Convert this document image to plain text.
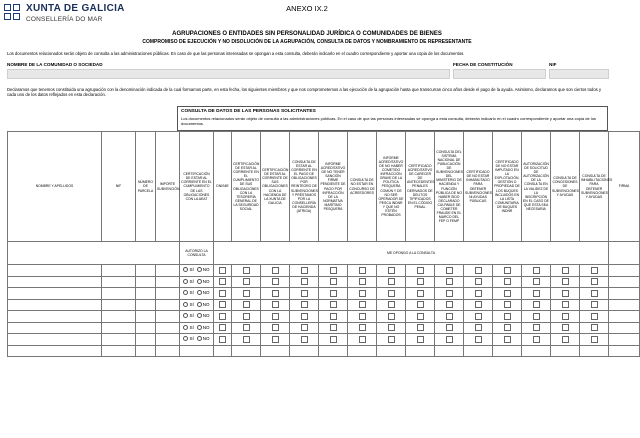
XUNTA DE GALICIA
CONSELLERÍA DO MAR
ANEXO IX.2
AGRUPACIONES O ENTIDADES SIN PERSONALIDAD JURÍDICA O COMUNIDADES DE BIENES
COMPROMISO DE EJECUCIÓN Y NO DISOLUCIÓN DE LA AGRUPACIÓN, CONSULTA DE DATOS Y NOMBRAMIENTO DE REPRESENTANTE
Los documentos relacionados serán objeto de consulta a las administraciones públicas. En caso de que las personas interesadas se opongan a esta consulta, deberán indicarlo en el cuadro correspondiente y aportar una copia de los documentos.
NOMBRE DE LA COMUNIDAD O SOCIEDAD	FECHA DE CONSTITUCIÓN	NIF
Declaramos que tenemos constituida una agrupación con la denominación indicada de la cual formamos parte, en esta fecha, los siguientes miembros y que nos comprometemos a las ejecución de la agrupación hasta que transcurran cinco años desde el pago de la ayuda. Asimismo, declaramos que son ciertos todos y cada uno de los datos reflejados en esta declaración.
CONSULTA DE DATOS DE LAS PERSONAS SOLICITANTES
Los documentos relacionados serán objeto de consulta a las administraciones públicas. En el caso de que las personas interesadas se oponga a esta consulta, deberán indicarlo en el cuadro correspondiente y aportar una copia de los documentos.
NOMBRE Y APELLIDOS	NIF	NÚMERO DE PARCELA	IMPORTE SUBVENCIÓN	CERTIFICACIÓN DE ESTAR AL CORRIENTE EN EL CUMPLIMIENTO DE LAS OBLIGACIONES CON LA AEAT	DNI/NIE	CERTIFICACIÓN DE ESTAR AL CORRIENTE EN EL CUMPLIMIENTO DE SUS OBLIGACIONES CON LA TESORERÍA GENERAL DE LA SEGURIDAD SOCIAL	CERTIFICACIÓN DE ESTAR AL CORRIENTE DE SUS OBLIGACIONES CON LA HACIENDA DE LA XUNTA DE GALICIA	CONSULTA DE ESTAR AL CORRIENTE EN EL PAGO DE OBLIGACIONES POR REINTEGRO DE SUBVENCIONES Y PRÉSTAMOS POR LA CONSELLERÍA DE HACIENDA (ATRIGA)	INFORME ACREDITATIVO DE NO TENER SANCIÓN FIRME PENDIENTE DE PAGO POR INFRACCIÓN DE LA NORMATIVA MARÍTIMO PESQUERA	CONSULTA DE NO ESTAR EN CONCURSO DE ACREEDORES	INFORME ACREDITATIVO DE NO HABER COMETIDO INFRACCIÓN GRAVE DE LA POLÍTICA PESQUERA COMÚN Y DE NO SER OPERADOR DE PESCA INDNR Y QUE NO ESTÉN PROBADOS	CERTIFICADO ACREDITATIVO DE CARECER DE ANTECEDENTES PENALES DERIVADOS DE DELITOS TIPIFICADOS EN EL CÓDIGO PENAL	CONSULTA DEL SISTEMA NACIONAL DE PUBLICACIÓN DE SUBVENCIONES DEL MINISTERIO DE HACIENDA Y FUNCIÓN PÚBLICA DE NO HABER SIDO DECLARADO CULPABLE DE COMETER FRAUDE EN EL MARCO DEL FEP O FEMP	CERTIFICADO DE NO ESTAR INHABILITADO PARA OBTENER SUBVENCIONES NI AYUDAS PÚBLICAS	CERTIFICADO DE NO ESTAR IMPUTADO EN LA EXPLOTACIÓN, GESTIÓN O PROPIEDAD DE LOS BUQUES INCLUIDOS EN LA LISTA COMUNITARIA DE BUQUES INDNR	AUTORIZACIÓN DE SOLICITUD DE AUTORIZACIÓN DE LA CONSULTA EN LA VALIDEZ DE LA INSCRIPCIÓN EN EL CASO DE QUE ESTA SEA NECESARIA	CONSULTA DE CONCESIONES DE SUBVENCIONES Y AYUDAS	CONSULTA DE INHABILITACIONES PARA OBTENER SUBVENCIONES Y AYUDAS	FIRMA
				AUTORIZO LA CONSULTA	ME OPONGO A LA CONSULTA														

				SÍ NO															

				SÍ NO															

				SÍ NO															

				SÍ NO															

				SÍ NO															

				SÍ NO															

				SÍ NO															
